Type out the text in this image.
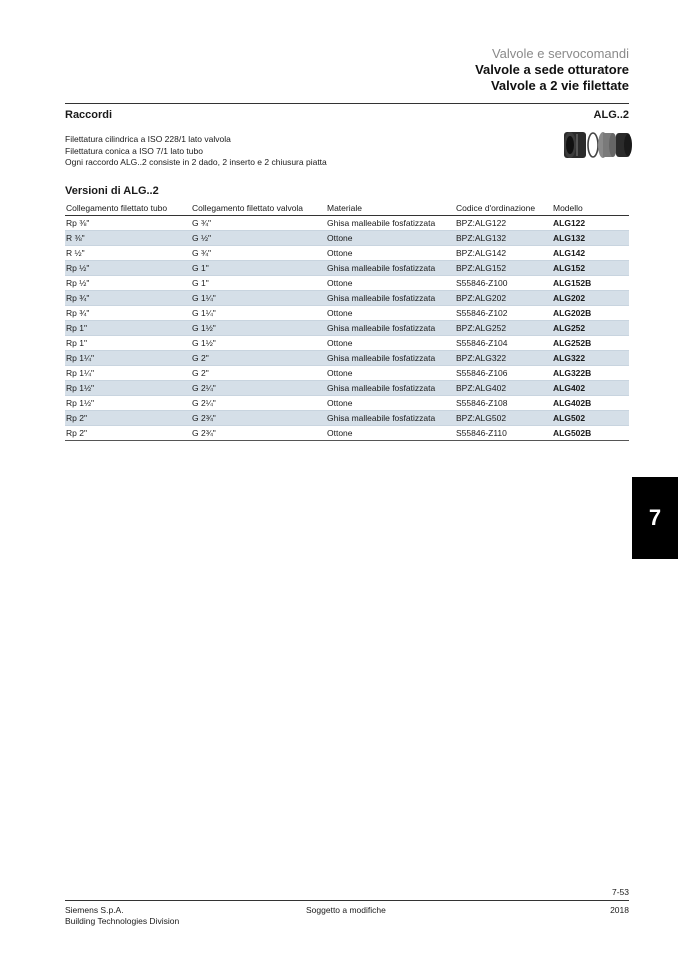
Valvole e servocomandi
Valvole a sede otturatore
Valvole a 2 vie filettate
Raccordi	ALG..2
Filettatura cilindrica a ISO 228/1 lato valvola
Filettatura conica a ISO 7/1 lato tubo
Ogni raccordo ALG..2 consiste in 2 dado, 2 inserto e 2 chiusura piatta
Versioni di ALG..2
Collegamento filettato tubo	Collegamento filettato valvola	Materiale	Codice d'ordinazione	Modello
Rp ⅜"	G ¾"	Ghisa malleabile fosfatizzata	BPZ:ALG122	ALG122
R ⅜"	G ½"	Ottone	BPZ:ALG132	ALG132
R ½"	G ¾"	Ottone	BPZ:ALG142	ALG142
Rp ½"	G 1"	Ghisa malleabile fosfatizzata	BPZ:ALG152	ALG152
Rp ½"	G 1"	Ottone	S55846-Z100	ALG152B
Rp ¾"	G 1¼"	Ghisa malleabile fosfatizzata	BPZ:ALG202	ALG202
Rp ¾"	G 1¼"	Ottone	S55846-Z102	ALG202B
Rp 1"	G 1½"	Ghisa malleabile fosfatizzata	BPZ:ALG252	ALG252
Rp 1"	G 1½"	Ottone	S55846-Z104	ALG252B
Rp 1¼"	G 2"	Ghisa malleabile fosfatizzata	BPZ:ALG322	ALG322
Rp 1¼"	G 2"	Ottone	S55846-Z106	ALG322B
Rp 1½"	G 2¼"	Ghisa malleabile fosfatizzata	BPZ:ALG402	ALG402
Rp 1½"	G 2¼"	Ottone	S55846-Z108	ALG402B
Rp 2"	G 2¾"	Ghisa malleabile fosfatizzata	BPZ:ALG502	ALG502
Rp 2"	G 2¾"	Ottone	S55846-Z110	ALG502B
7
7-53
Siemens S.p.A.
Building Technologies Division
Soggetto a modifiche	2018
